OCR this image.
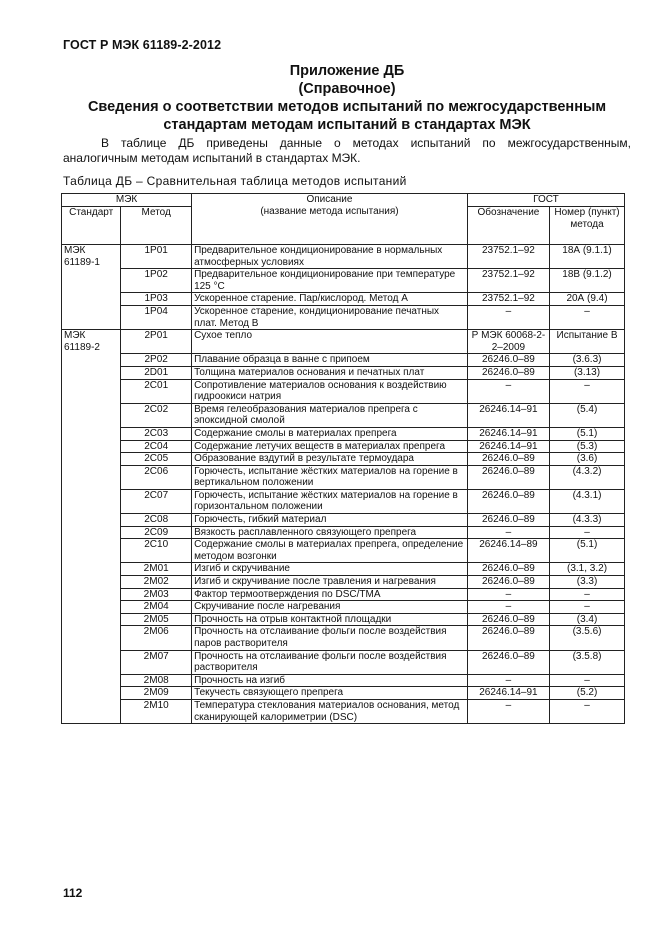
ГОСТ Р МЭК 61189-2-2012
Приложение ДБ
(Справочное)
Сведения о соответствии методов испытаний по межгосударственным
стандартам методам испытаний в стандартах МЭК
В таблице ДБ приведены данные о методах испытаний по межгосударственным, аналогичным методам испытаний в стандартах МЭК.
Таблица ДБ – Сравнительная таблица методов испытаний
МЭК		Описание
(название метода испытания)	ГОСТ	
Стандарт	Метод		Обозначение	Номер (пункт) метода
МЭК 61189-1	1P01	Предварительное кондиционирование в нормальных атмосферных условиях	23752.1–92	18А (9.1.1)
	1P02	Предварительное кондиционирование при температуре 125 °С	23752.1–92	18В (9.1.2)
	1P03	Ускоренное старение. Пар/кислород. Метод А	23752.1–92	20А (9.4)
	1P04	Ускоренное старение, кондиционирование печатных плат. Метод В	–	–
МЭК 61189-2	2P01	Сухое тепло	Р МЭК 60068-2-2–2009	Испытание В
	2P02	Плавание образца в ванне с припоем	26246.0–89	(3.6.3)
	2D01	Толщина материалов основания и печатных плат	26246.0–89	(3.13)
	2C01	Сопротивление материалов основания к воздействию гидроокиси натрия	–	–
	2C02	Время гелеобразования материалов препрега с эпоксидной смолой	26246.14–91	(5.4)
	2C03	Содержание смолы в материалах препрега	26246.14–91	(5.1)
	2C04	Содержание летучих веществ в материалах препрега	26246.14–91	(5.3)
	2C05	Образование вздутий в результате термоудара	26246.0–89	(3.6)
	2C06	Горючесть, испытание жёстких материалов на горение в вертикальном положении	26246.0–89	(4.3.2)
	2C07	Горючесть, испытание жёстких материалов на горение в горизонтальном положении	26246.0–89	(4.3.1)
	2C08	Горючесть, гибкий материал	26246.0–89	(4.3.3)
	2C09	Вязкость расплавленного связующего препрега	–	–
	2C10	Содержание смолы в материалах препрега, определение методом возгонки	26246.14–89	(5.1)
	2M01	Изгиб и скручивание	26246.0–89	(3.1, 3.2)
	2M02	Изгиб и скручивание после травления и нагревания	26246.0–89	(3.3)
	2M03	Фактор термоотверждения по DSC/TMA	–	–
	2M04	Скручивание после нагревания	–	–
	2M05	Прочность на отрыв контактной площадки	26246.0–89	(3.4)
	2M06	Прочность на отслаивание фольги после воздействия паров растворителя	26246.0–89	(3.5.6)
	2M07	Прочность на отслаивание фольги после воздействия растворителя	26246.0–89	(3.5.8)
	2M08	Прочность на изгиб	–	–
	2M09	Текучесть связующего препрега	26246.14–91	(5.2)
	2M10	Температура стеклования материалов основания, метод сканирующей калориметрии (DSC)	–	–
112
